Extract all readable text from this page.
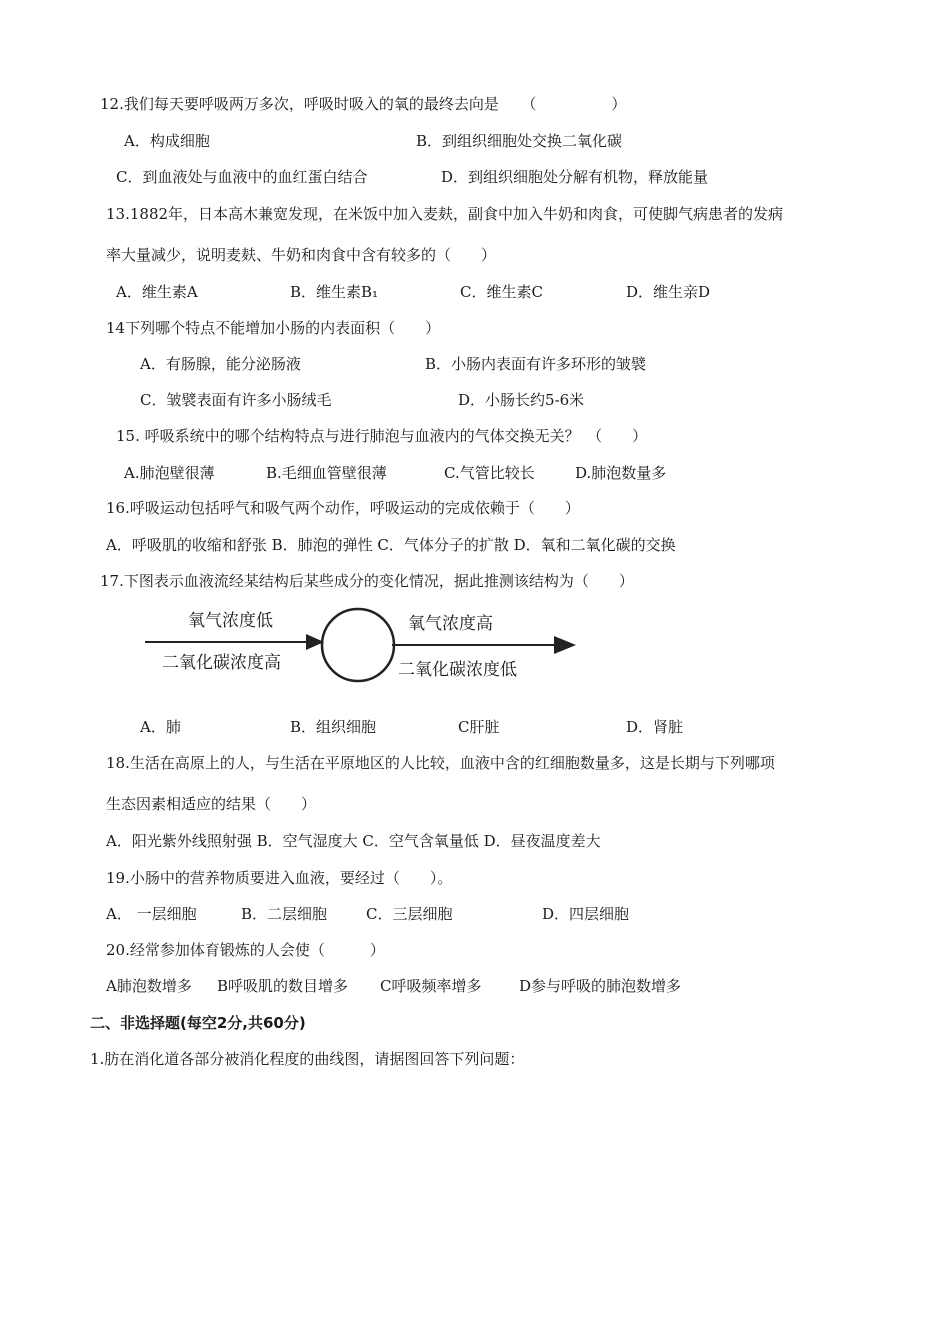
12.我们每天要呼吸两万多次，呼吸时吸入的氧的最终去向是　　（　　　　　）
A．构成细胞	B．到组织细胞处交换二氧化碳
C．到血液处与血液中的血红蛋白结合	D．到组织细胞处分解有机物，释放能量
13.1882年，日本高木兼宽发现，在米饭中加入麦麸，副食中加入牛奶和肉食，可使脚气病患者的发病
率大量减少，说明麦麸、牛奶和肉食中含有较多的（　　）
A．维生素A	B．维生素B₁	C．维生素C	D．维生亲D
14下列哪个特点不能增加小肠的内表面积（　　）
A．有肠腺，能分泌肠液	B．小肠内表面有许多环形的皱襞
C．皱襞表面有许多小肠绒毛	D．小肠长约5-6米
15. 呼吸系统中的哪个结构特点与进行肺泡与血液内的气体交换无关？　（　　）
A.肺泡壁很薄	B.毛细血管壁很薄	C.气管比较长	D.肺泡数量多
16.呼吸运动包括呼气和吸气两个动作，呼吸运动的完成依赖于（　　）
A．呼吸肌的收缩和舒张 B．肺泡的弹性 C．气体分子的扩散 D．氧和二氧化碳的交换
17.下图表示血液流经某结构后某些成分的变化情况，据此推测该结构为（　　）
氧气浓度低
二氧化碳浓度高
氧气浓度高
二氧化碳浓度低
A．肺	B．组织细胞	C肝脏	D．肾脏
18.生活在高原上的人，与生活在平原地区的人比较，血液中含的红细胞数量多，这是长期与下列哪项
生态因素相适应的结果（　　）
A．阳光紫外线照射强 B．空气湿度大 C．空气含氧量低 D．昼夜温度差大
19.小肠中的营养物质要进入血液，要经过（　　）。
A． 一层细胞	B．二层细胞	C．三层细胞	D．四层细胞
20.经常参加体育锻炼的人会使（　　　）
A肺泡数增多 B呼吸肌的数目增多 C呼吸频率增多	D参与呼吸的肺泡数增多
二、非选择题(每空2分,共60分)
1.肪在消化道各部分被消化程度的曲线图，请据图回答下列问题：
